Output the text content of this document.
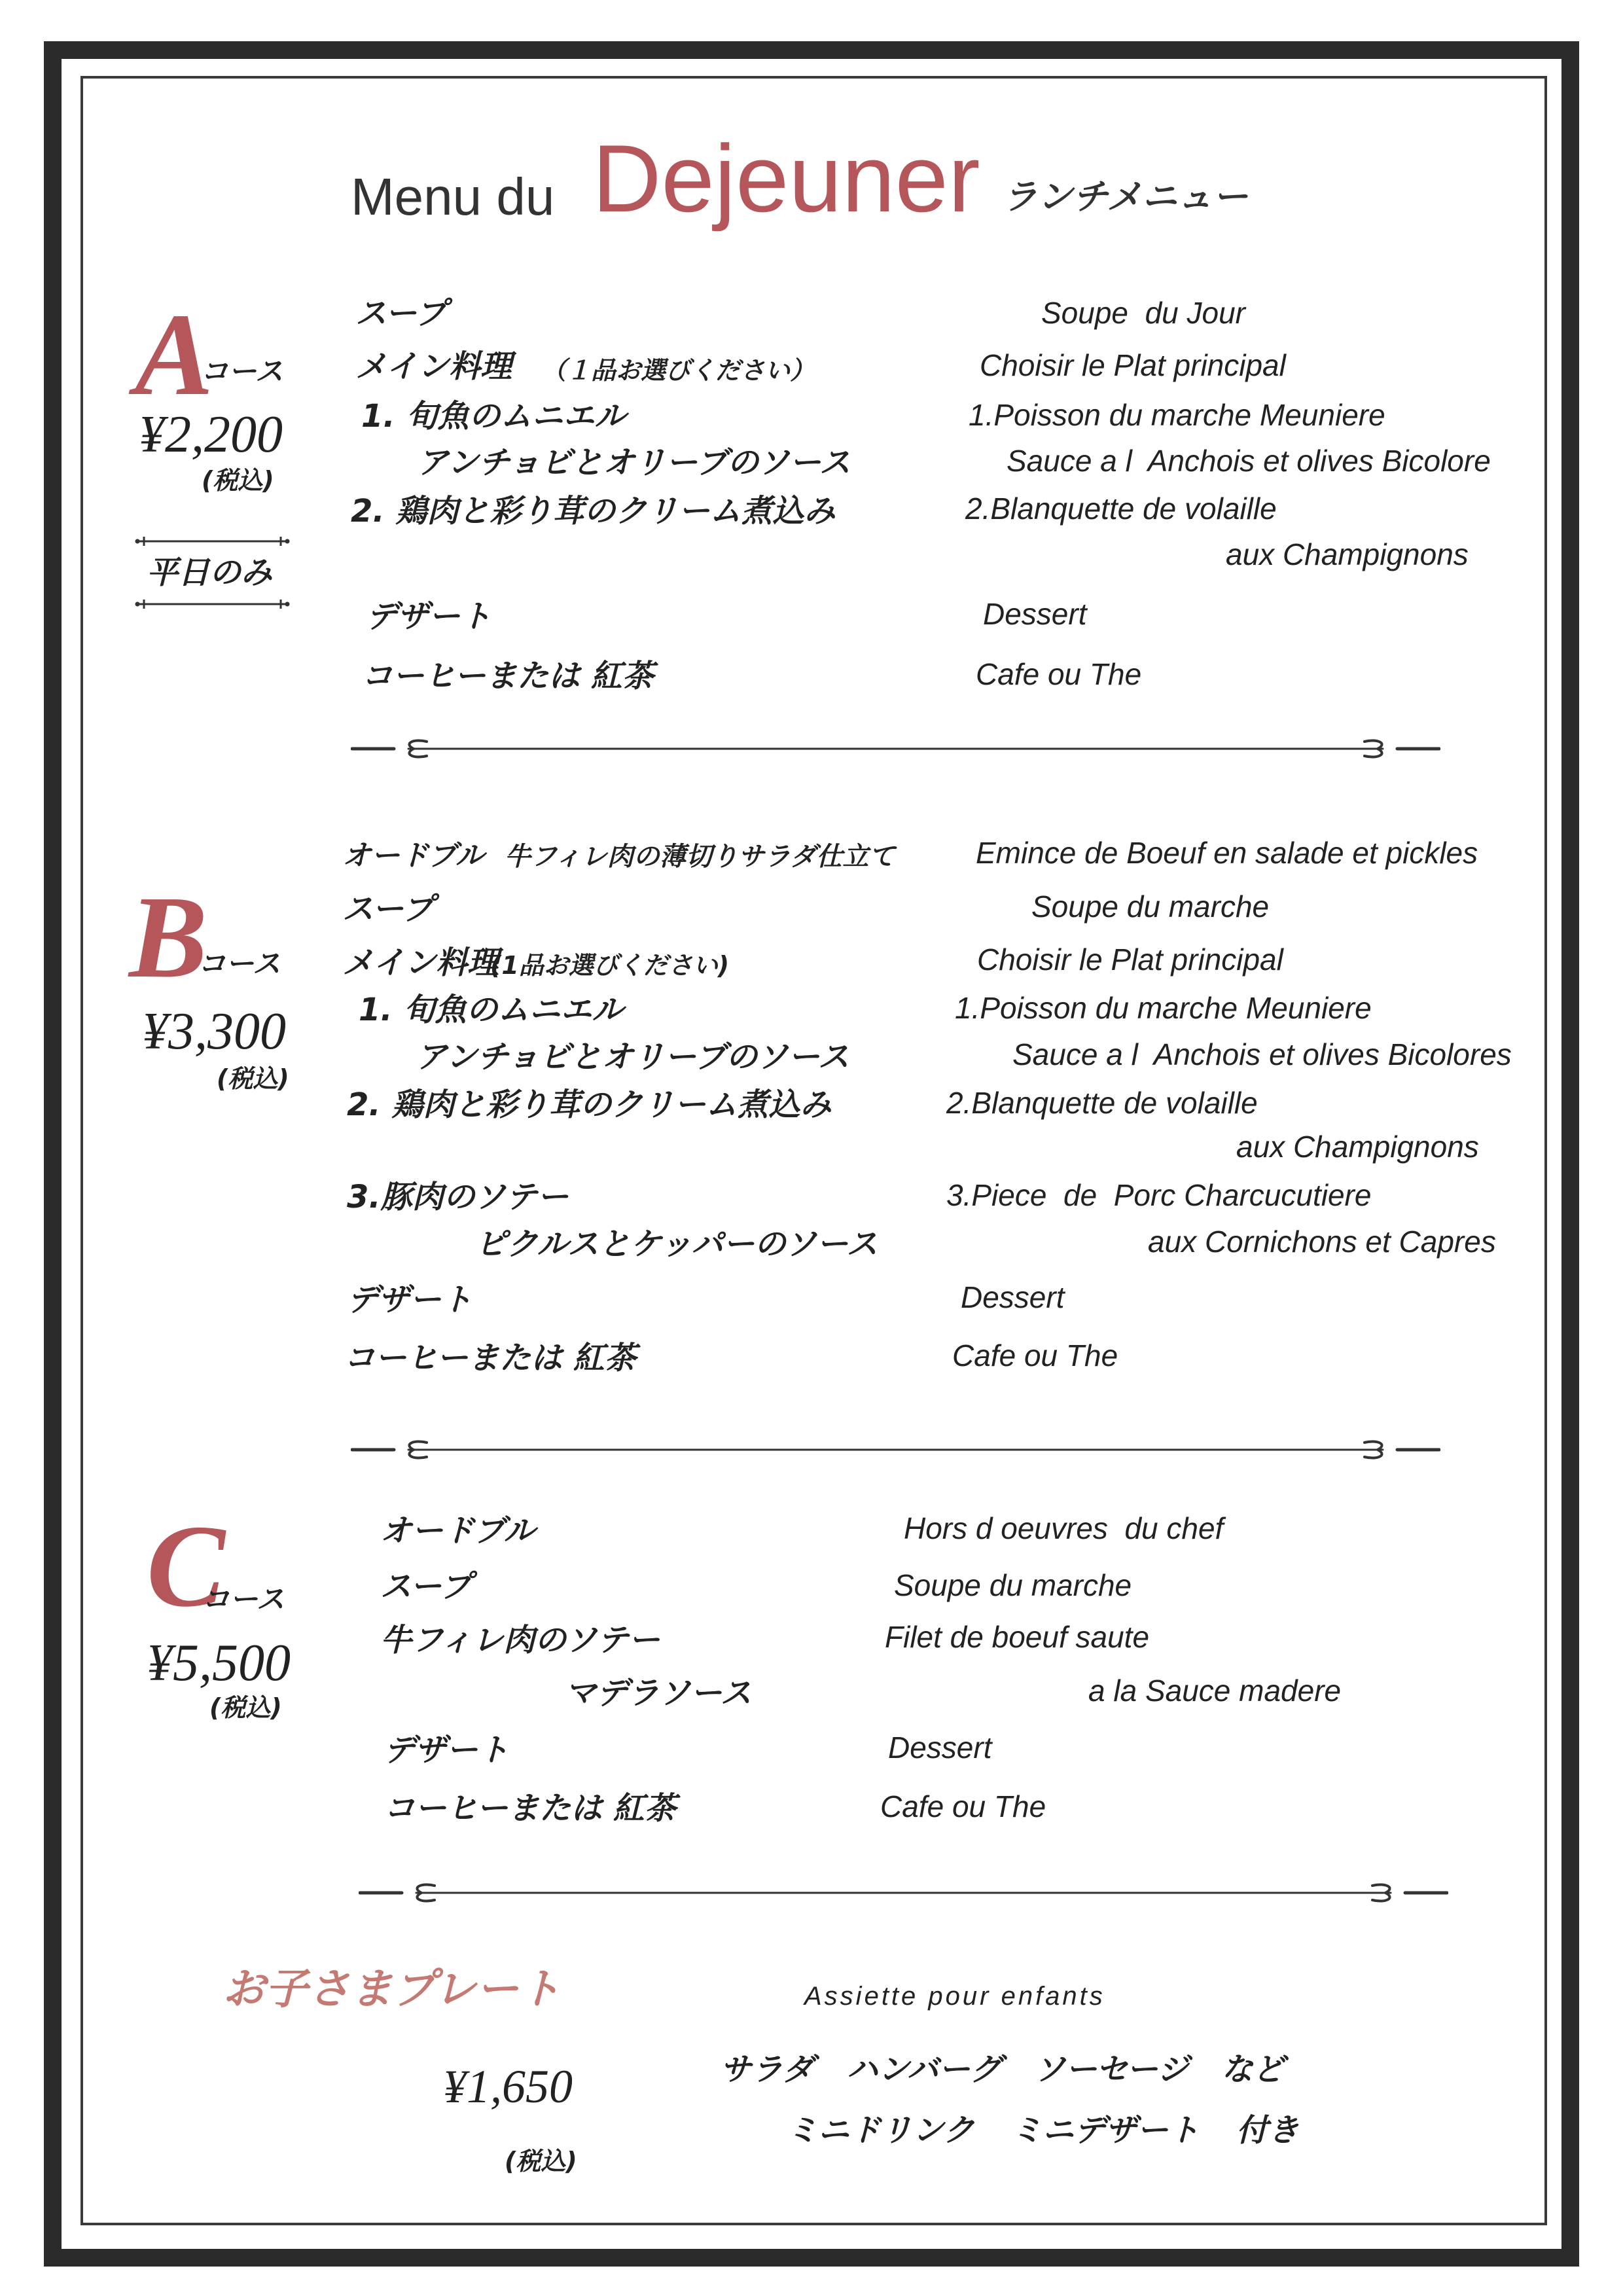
Menu du Dejeuner ランチメニュー
A
コース
¥2,200
(税込)
平日のみ
スープ
メイン料理 （１品お選びください）
1. 旬魚のムニエル
アンチョビとオリーブのソース
2. 鶏肉と彩り茸のクリーム煮込み
デザート
コーヒーまたは 紅茶
Soupe  du Jour
Choisir le Plat principal
1.Poisson du marche Meuniere
Sauce a l  Anchois et olives Bicolore
2.Blanquette de volaille
aux Champignons
Dessert
Cafe ou The
B
コース
¥3,300
(税込)
オードブル 牛フィレ肉の薄切りサラダ仕立て
スープ
メイン料理
(1品お選びください)
1. 旬魚のムニエル
アンチョビとオリーブのソース
2. 鶏肉と彩り茸のクリーム煮込み
3.豚肉のソテー
ピクルスとケッパーのソース
デザート
コーヒーまたは 紅茶
Emince de Boeuf en salade et pickles
Soupe du marche
Choisir le Plat principal
1.Poisson du marche Meuniere
Sauce a l  Anchois et olives Bicolores
2.Blanquette de volaille
aux Champignons
3.Piece  de  Porc Charcucutiere
aux Cornichons et Capres
Dessert
Cafe ou The
C
コース
¥5,500
(税込)
オードブル
スープ
牛フィレ肉のソテー
マデラソース
デザート
コーヒーまたは 紅茶
Hors d oeuvres  du chef
Soupe du marche
Filet de boeuf saute
a la Sauce madere
Dessert
Cafe ou The
お子さまプレート	Assiette pour enfants
¥1,650
(税込)
サラダ ハンバーグ ソーセージ など
ミニドリンク ミニデザート 付き
